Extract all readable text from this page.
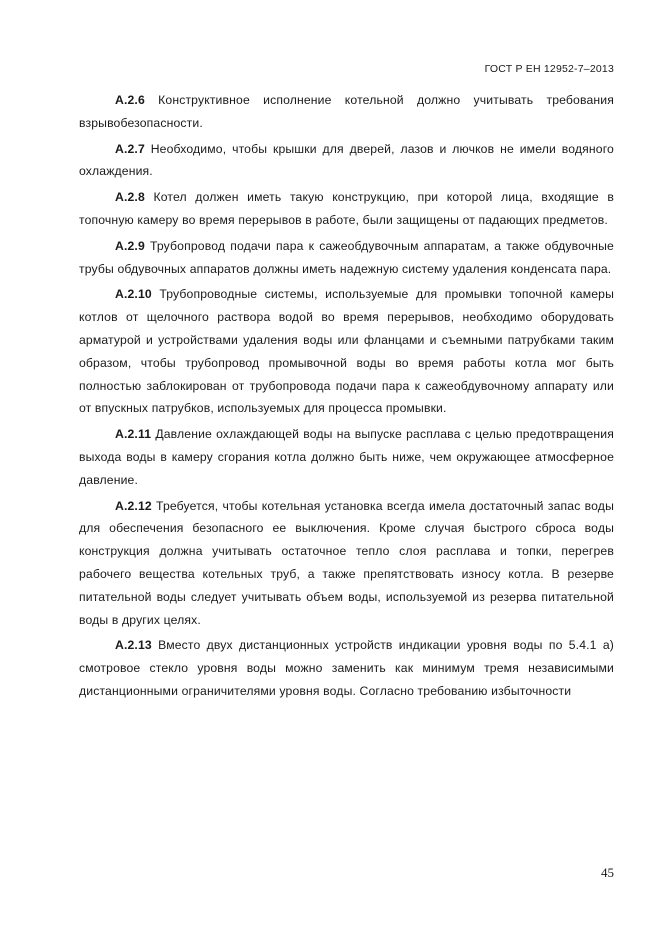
ГОСТ Р ЕН 12952-7–2013

А.2.6 Конструктивное исполнение котельной должно учитывать требования взрывобезопасности.

А.2.7 Необходимо, чтобы крышки для дверей, лазов и лючков не имели водяного охлаждения.

А.2.8 Котел должен иметь такую конструкцию, при которой лица, входящие в топочную камеру во время перерывов в работе, были защищены от падающих предметов.

А.2.9 Трубопровод подачи пара к сажеобдувочным аппаратам, а также обдувочные трубы обдувочных аппаратов должны иметь надежную систему удаления конденсата пара.

А.2.10 Трубопроводные системы, используемые для промывки топочной камеры котлов от щелочного раствора водой во время перерывов, необходимо оборудовать арматурой и устройствами удаления воды или фланцами и съемными патрубками таким образом, чтобы трубопровод промывочной воды во время работы котла мог быть полностью заблокирован от трубопровода подачи пара к сажеобдувочному аппарату или от впускных патрубков, используемых для процесса промывки.

А.2.11 Давление охлаждающей воды на выпуске расплава с целью предотвращения выхода воды в камеру сгорания котла должно быть ниже, чем окружающее атмосферное давление.

А.2.12 Требуется, чтобы котельная установка всегда имела достаточный запас воды для обеспечения безопасного ее выключения. Кроме случая быстрого сброса воды конструкция должна учитывать остаточное тепло слоя расплава и топки, перегрев рабочего вещества котельных труб, а также препятствовать износу котла. В резерве питательной воды следует учитывать объем воды, используемой из резерва питательной воды в других целях.

А.2.13 Вместо двух дистанционных устройств индикации уровня воды по 5.4.1 а) смотровое стекло уровня воды можно заменить как минимум тремя независимыми дистанционными ограничителями уровня воды. Согласно требованию избыточности

45
